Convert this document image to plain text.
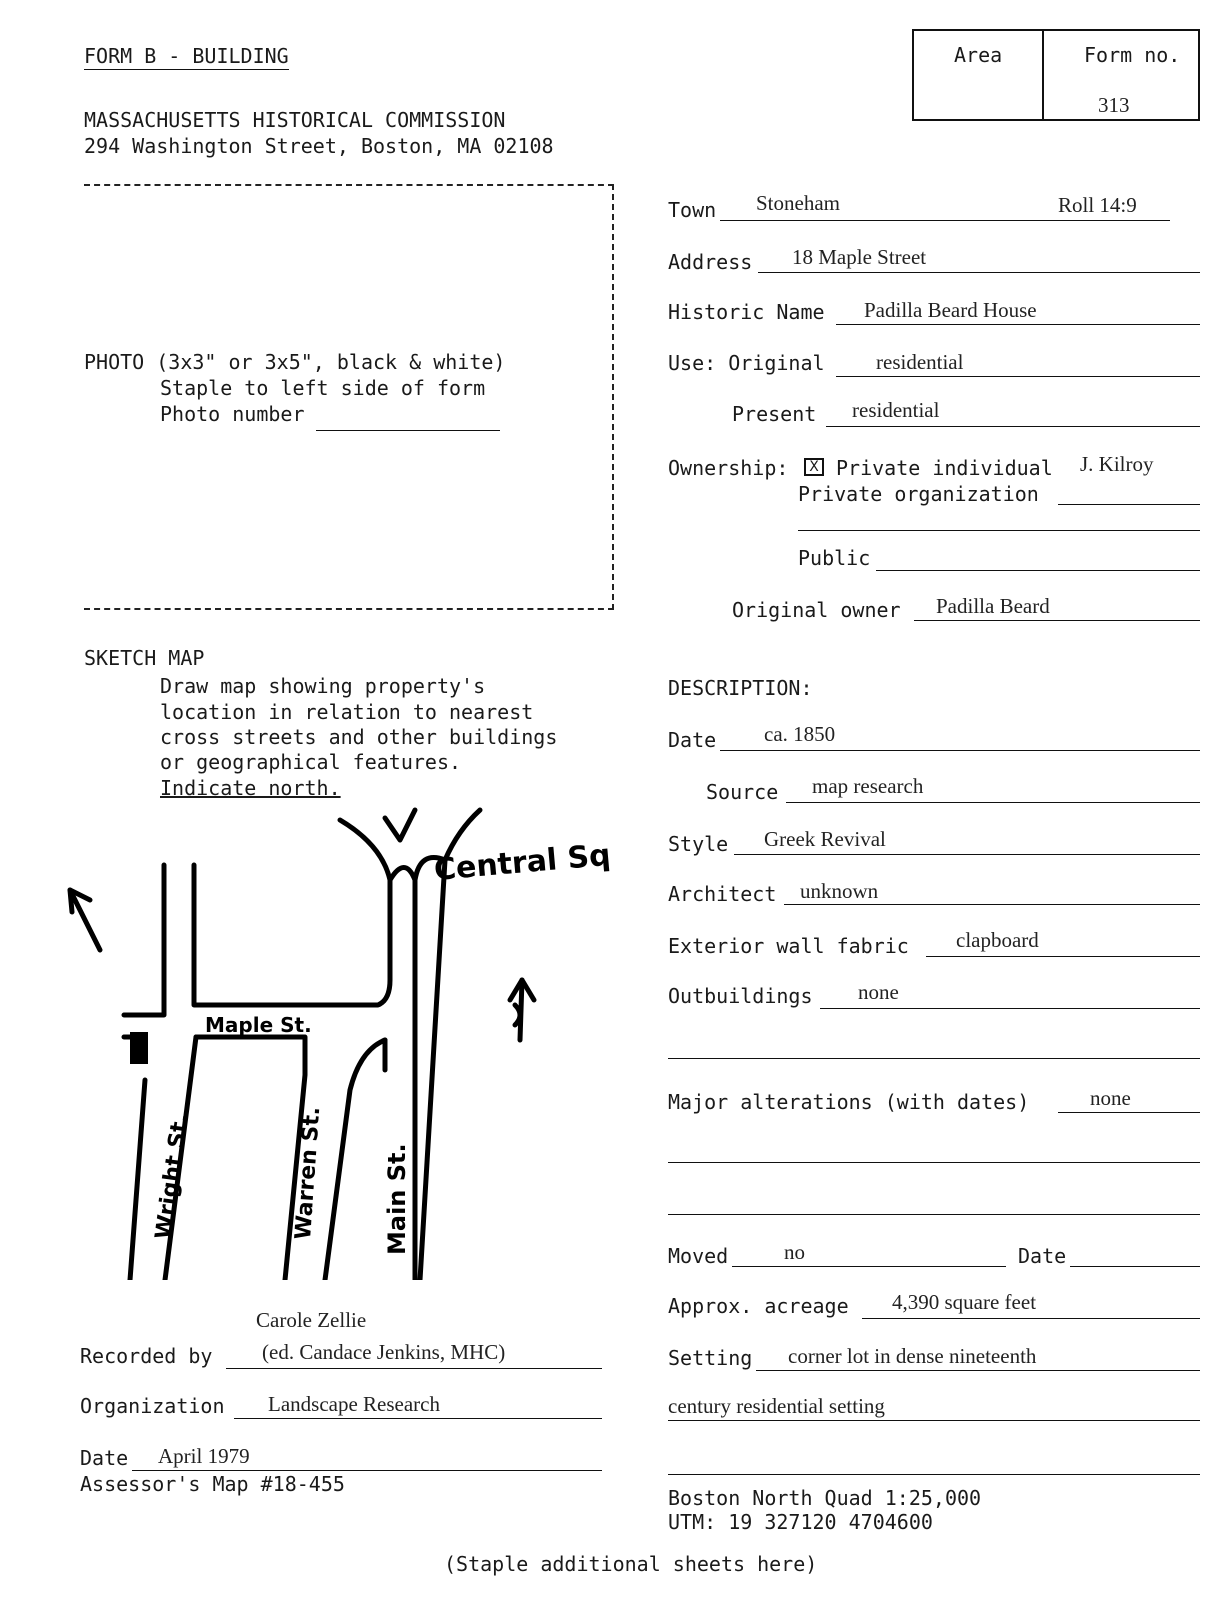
FORM B - BUILDING
MASSACHUSETTS HISTORICAL COMMISSION
294 Washington Street, Boston, MA 02108
Area	Form no.
313
PHOTO (3x3" or 3x5", black & white)
Staple to left side of form
Photo number
SKETCH MAP
Draw map showing property's
location in relation to nearest
cross streets and other buildings
or geographical features.
Indicate north.
Central Sq
Maple St.
Wright St.	Warren St. Main St.
Town Stoneham	Roll 14:9
Address 18 Maple Street
Historic Name Padilla Beard House
Use: Original residential
Present residential
Ownership:	X Private individual J. Kilroy
Private organization
Public
Original owner Padilla Beard
DESCRIPTION:
Date ca. 1850
Source map research
Style Greek Revival
Architect unknown
Exterior wall fabric clapboard
Outbuildings none
Major alterations (with dates)	none
Moved	no	Date
Approx. acreage 4,390 square feet
Setting corner lot in dense nineteenth
century residential setting
Boston North Quad 1:25,000
UTM: 19 327120 4704600
Carole Zellie
Recorded by (ed. Candace Jenkins, MHC)
Organization Landscape Research
Date April 1979
Assessor's Map #18-455
(Staple additional sheets here)
